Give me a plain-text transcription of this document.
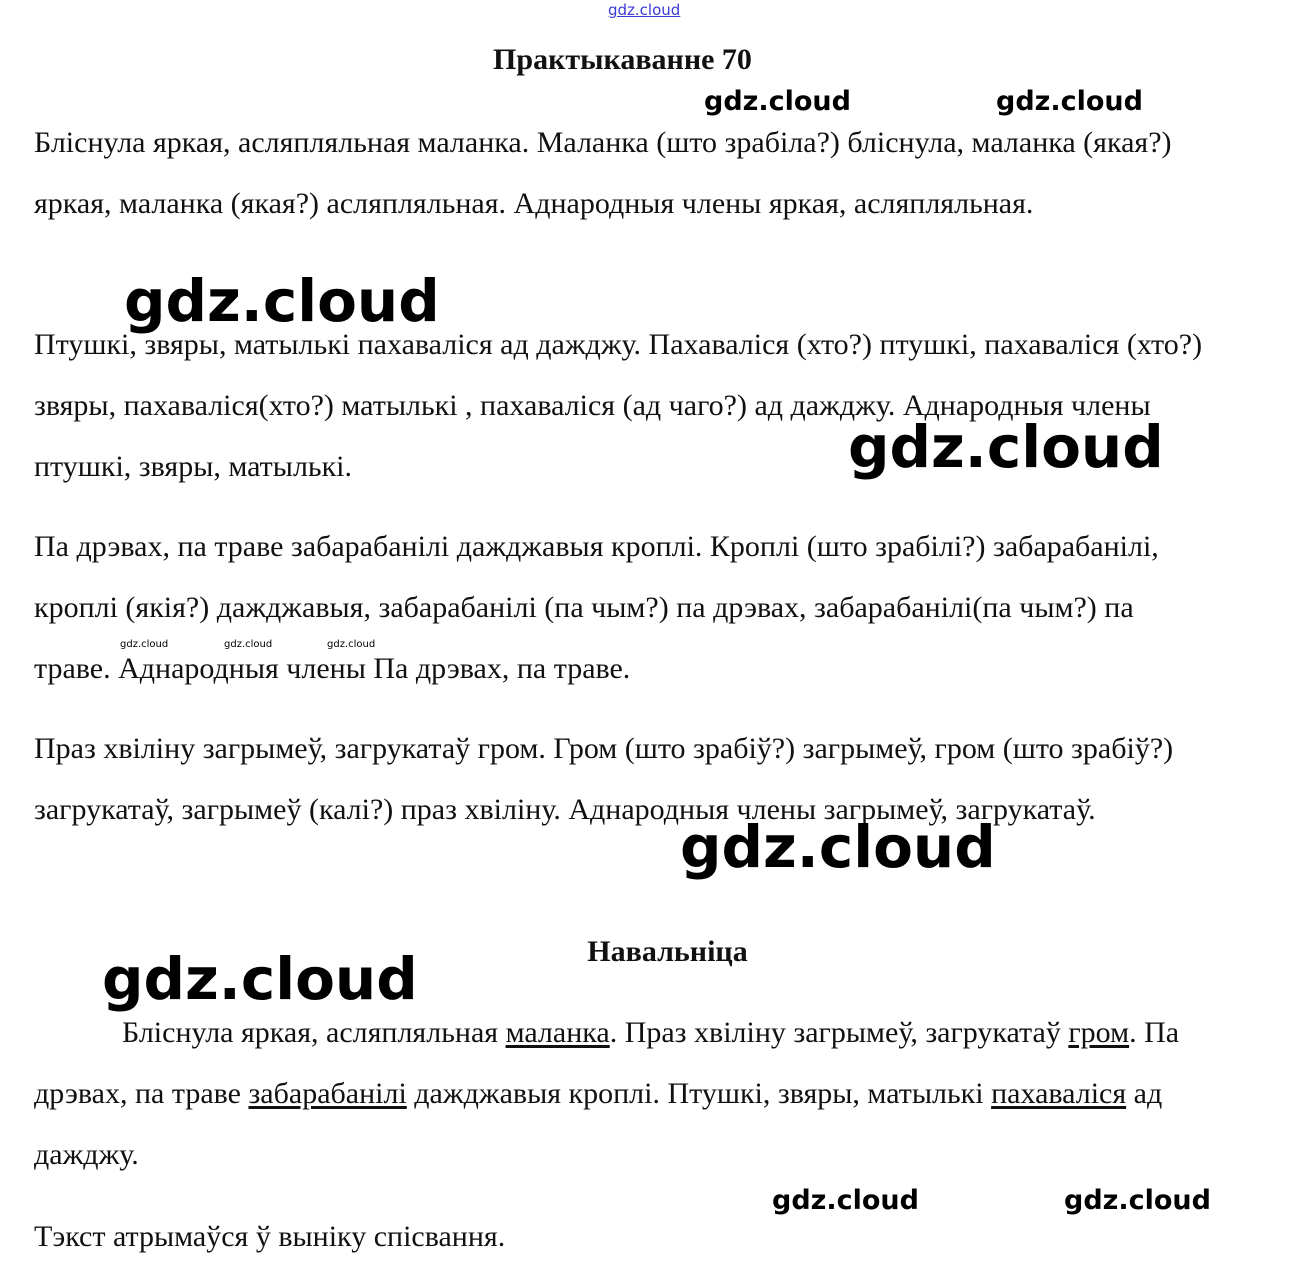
gdz.cloud
Практыкаванне 70
gdz.cloud	gdz.cloud

Бліснула яркая, асляпляльная маланка. Маланка (што зрабіла?) бліснула, маланка (якая?) яркая, маланка (якая?) асляпляльная. Аднародныя члены яркая, асляпляльная.

Птушкі, звяры, матылькі пахаваліся ад дажджу. Пахаваліся (хто?) птушкі, пахаваліся (хто?) звяры, пахаваліся(хто?) матылькі , пахаваліся (ад чаго?) ад дажджу. Аднародныя члены птушкі, звяры, матылькі.

Па дрэвах, па траве забарабанілі дажджавыя кроплі. Кроплі (што зрабілі?) забарабанілі, кроплі (якія?) дажджавыя, забарабанілі (па чым?) па дрэвах, забарабанілі(па чым?) па траве. Аднародныя члены Па дрэвах, па траве.

Праз хвіліну загрымеў, загрукатаў гром. Гром (што зрабіў?) загрымеў, гром (што зрабіў?) загрукатаў, загрымеў (калі?) праз хвіліну. Аднародныя члены загрымеў, загрукатаў.

Навальніца

Бліснула яркая, асляпляльная маланка. Праз хвіліну загрымеў, загрукатаў гром. Па дрэвах, па траве забарабанілі дажджавыя кроплі. Птушкі, звяры, матылькі пахаваліся ад дажджу.

Тэкст атрымаўся ў выніку спісвання.

gdz.cloud
gdz.cloud
gdz.cloud	gdz.cloud	gdz.cloud
gdz.cloud
gdz.cloud
gdz.cloud	gdz.cloud
